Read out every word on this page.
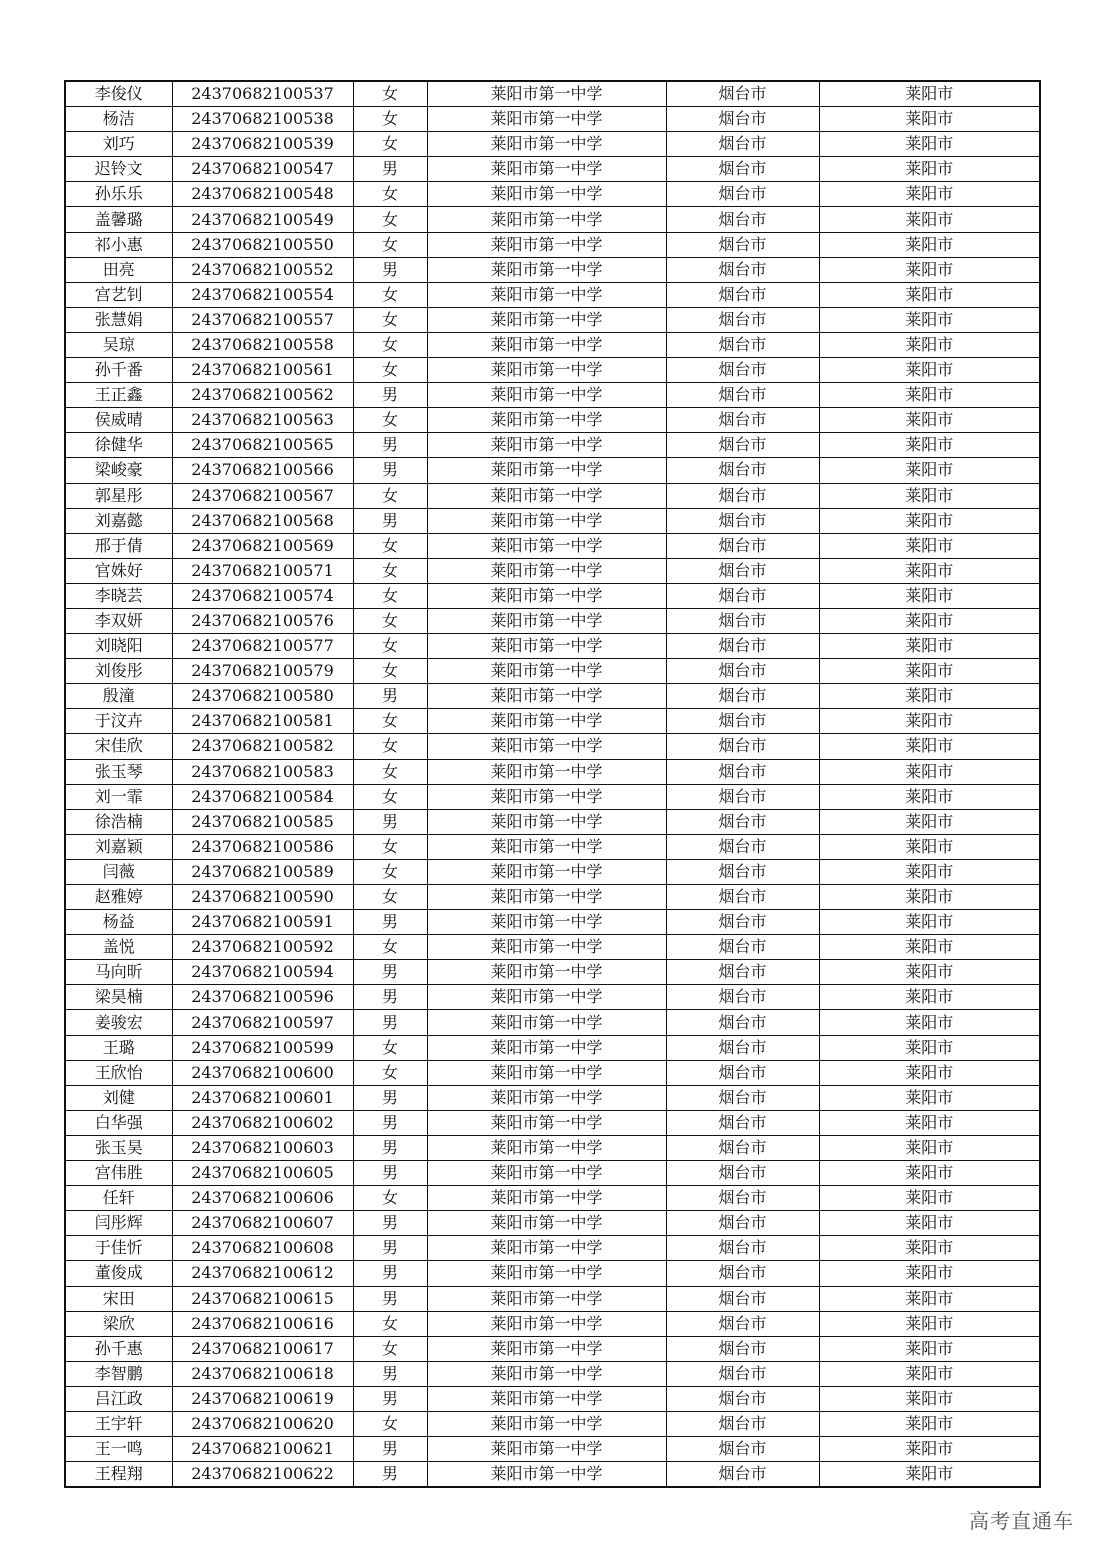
李俊仪	24370682100537	女	莱阳市第一中学	烟台市	莱阳市
杨洁	24370682100538	女	莱阳市第一中学	烟台市	莱阳市
刘巧	24370682100539	女	莱阳市第一中学	烟台市	莱阳市
迟铃文	24370682100547	男	莱阳市第一中学	烟台市	莱阳市
孙乐乐	24370682100548	女	莱阳市第一中学	烟台市	莱阳市
盖馨璐	24370682100549	女	莱阳市第一中学	烟台市	莱阳市
祁小惠	24370682100550	女	莱阳市第一中学	烟台市	莱阳市
田亮	24370682100552	男	莱阳市第一中学	烟台市	莱阳市
宫艺钊	24370682100554	女	莱阳市第一中学	烟台市	莱阳市
张慧娟	24370682100557	女	莱阳市第一中学	烟台市	莱阳市
吴琼	24370682100558	女	莱阳市第一中学	烟台市	莱阳市
孙千番	24370682100561	女	莱阳市第一中学	烟台市	莱阳市
王正鑫	24370682100562	男	莱阳市第一中学	烟台市	莱阳市
侯威晴	24370682100563	女	莱阳市第一中学	烟台市	莱阳市
徐健华	24370682100565	男	莱阳市第一中学	烟台市	莱阳市
梁峻豪	24370682100566	男	莱阳市第一中学	烟台市	莱阳市
郭星彤	24370682100567	女	莱阳市第一中学	烟台市	莱阳市
刘嘉懿	24370682100568	男	莱阳市第一中学	烟台市	莱阳市
邢于倩	24370682100569	女	莱阳市第一中学	烟台市	莱阳市
官姝好	24370682100571	女	莱阳市第一中学	烟台市	莱阳市
李晓芸	24370682100574	女	莱阳市第一中学	烟台市	莱阳市
李双妍	24370682100576	女	莱阳市第一中学	烟台市	莱阳市
刘晓阳	24370682100577	女	莱阳市第一中学	烟台市	莱阳市
刘俊彤	24370682100579	女	莱阳市第一中学	烟台市	莱阳市
殷潼	24370682100580	男	莱阳市第一中学	烟台市	莱阳市
于汶卉	24370682100581	女	莱阳市第一中学	烟台市	莱阳市
宋佳欣	24370682100582	女	莱阳市第一中学	烟台市	莱阳市
张玉琴	24370682100583	女	莱阳市第一中学	烟台市	莱阳市
刘一霏	24370682100584	女	莱阳市第一中学	烟台市	莱阳市
徐浩楠	24370682100585	男	莱阳市第一中学	烟台市	莱阳市
刘嘉颖	24370682100586	女	莱阳市第一中学	烟台市	莱阳市
闫薇	24370682100589	女	莱阳市第一中学	烟台市	莱阳市
赵雅婷	24370682100590	女	莱阳市第一中学	烟台市	莱阳市
杨益	24370682100591	男	莱阳市第一中学	烟台市	莱阳市
盖悦	24370682100592	女	莱阳市第一中学	烟台市	莱阳市
马向昕	24370682100594	男	莱阳市第一中学	烟台市	莱阳市
梁昊楠	24370682100596	男	莱阳市第一中学	烟台市	莱阳市
姜骏宏	24370682100597	男	莱阳市第一中学	烟台市	莱阳市
王璐	24370682100599	女	莱阳市第一中学	烟台市	莱阳市
王欣怡	24370682100600	女	莱阳市第一中学	烟台市	莱阳市
刘健	24370682100601	男	莱阳市第一中学	烟台市	莱阳市
白华强	24370682100602	男	莱阳市第一中学	烟台市	莱阳市
张玉昊	24370682100603	男	莱阳市第一中学	烟台市	莱阳市
宫伟胜	24370682100605	男	莱阳市第一中学	烟台市	莱阳市
任轩	24370682100606	女	莱阳市第一中学	烟台市	莱阳市
闫彤辉	24370682100607	男	莱阳市第一中学	烟台市	莱阳市
于佳忻	24370682100608	男	莱阳市第一中学	烟台市	莱阳市
董俊成	24370682100612	男	莱阳市第一中学	烟台市	莱阳市
宋田	24370682100615	男	莱阳市第一中学	烟台市	莱阳市
梁欣	24370682100616	女	莱阳市第一中学	烟台市	莱阳市
孙千惠	24370682100617	女	莱阳市第一中学	烟台市	莱阳市
李智鹏	24370682100618	男	莱阳市第一中学	烟台市	莱阳市
吕江政	24370682100619	男	莱阳市第一中学	烟台市	莱阳市
王宇轩	24370682100620	女	莱阳市第一中学	烟台市	莱阳市
王一鸣	24370682100621	男	莱阳市第一中学	烟台市	莱阳市
王程翔	24370682100622	男	莱阳市第一中学	烟台市	莱阳市
高考直通车
